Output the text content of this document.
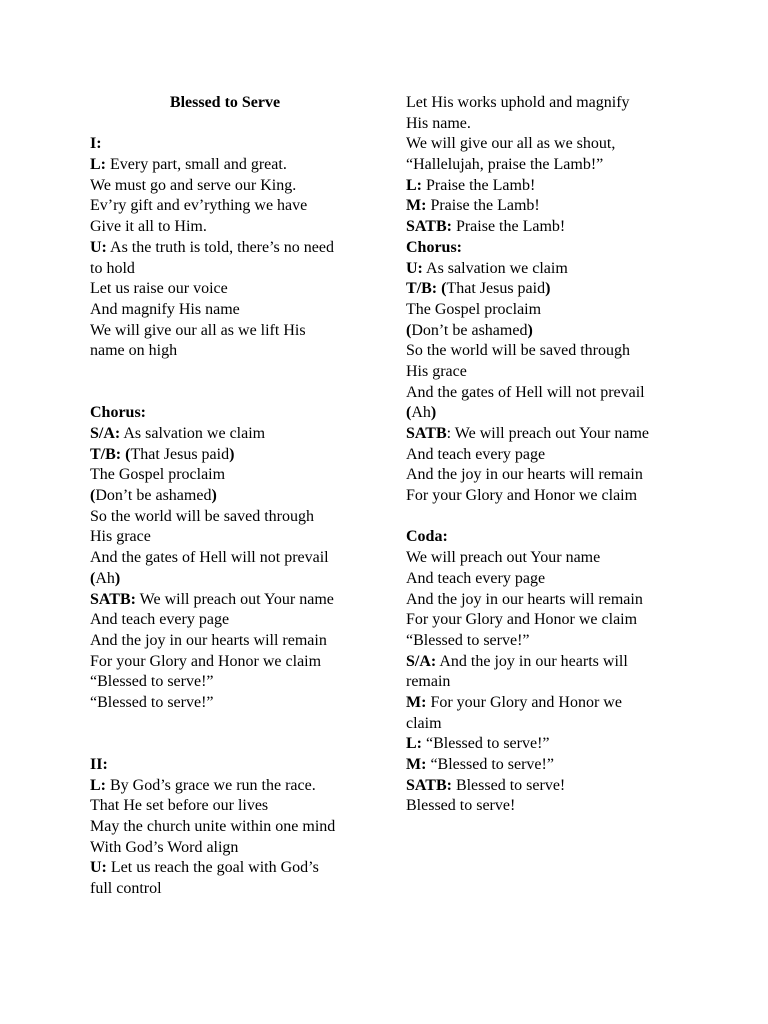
Blessed to Serve
I:
L: Every part, small and great.
We must go and serve our King.
Ev’ry gift and ev’rything we have
Give it all to Him.
U: As the truth is told, there’s no need
to hold
Let us raise our voice
And magnify His name
We will give our all as we lift His
name on high
Chorus:
S/A: As salvation we claim
T/B: (That Jesus paid)
The Gospel proclaim
(Don’t be ashamed)
So the world will be saved through
His grace
And the gates of Hell will not prevail
(Ah)
SATB: We will preach out Your name
And teach every page
And the joy in our hearts will remain
For your Glory and Honor we claim
“Blessed to serve!”
“Blessed to serve!”
II:
L: By God’s grace we run the race.
That He set before our lives
May the church unite within one mind
With God’s Word align
U: Let us reach the goal with God’s
full control
Let His works uphold and magnify
His name.
We will give our all as we shout,
“Hallelujah, praise the Lamb!”
L: Praise the Lamb!
M: Praise the Lamb!
SATB: Praise the Lamb!
Chorus:
U: As salvation we claim
T/B: (That Jesus paid)
The Gospel proclaim
(Don’t be ashamed)
So the world will be saved through
His grace
And the gates of Hell will not prevail
(Ah)
SATB: We will preach out Your name
And teach every page
And the joy in our hearts will remain
For your Glory and Honor we claim
Coda:
We will preach out Your name
And teach every page
And the joy in our hearts will remain
For your Glory and Honor we claim
“Blessed to serve!”
S/A: And the joy in our hearts will
remain
M: For your Glory and Honor we
claim
L: “Blessed to serve!”
M: “Blessed to serve!”
SATB: Blessed to serve!
Blessed to serve!
